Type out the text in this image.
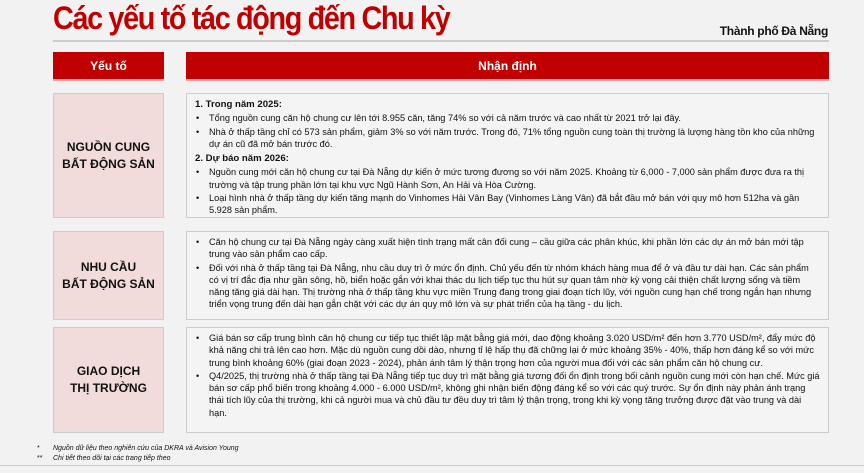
Các yếu tố tác động đến Chu kỳ	Thành phố Đà Nẵng
Yếu tố	Nhận định
NGUỒN CUNG
BẤT ĐỘNG SẢN
1. Trong năm 2025:
• Tổng nguồn cung căn hộ chung cư lên tới 8.955 căn, tăng 74% so với cả năm trước và cao nhất từ 2021 trở lại đây.
• Nhà ở thấp tầng chỉ có 573 sản phẩm, giảm 3% so với năm trước. Trong đó, 71% tổng nguồn cung toàn thị trường là lượng hàng tồn kho của những dự án cũ đã mở bán trước đó.
2. Dự báo năm 2026:
• Nguồn cung mới căn hộ chung cư tại Đà Nẵng dự kiến ở mức tương đương so với năm 2025. Khoảng từ 6,000 - 7,000 sản phẩm được đưa ra thị trường và tập trung phần lớn tại khu vực Ngũ Hành Sơn, An Hải và Hòa Cường.
• Loại hình nhà ở thấp tầng dự kiến tăng mạnh do Vinhomes Hải Vân Bay (Vinhomes Làng Vân) đã bắt đầu mở bán với quy mô hơn 512ha và gần 5.928 sản phẩm.
NHU CẦU
BẤT ĐỘNG SẢN
• Căn hộ chung cư tại Đà Nẵng ngày càng xuất hiện tình trạng mất cân đối cung – cầu giữa các phân khúc, khi phần lớn các dự án mở bán mới tập trung vào sản phẩm cao cấp.
• Đối với nhà ở thấp tầng tại Đà Nẵng, nhu cầu duy trì ở mức ổn định. Chủ yếu đến từ nhóm khách hàng mua để ở và đầu tư dài hạn. Các sản phẩm có vị trí đắc địa như gần sông, hồ, biển hoặc gắn với khai thác du lịch tiếp tục thu hút sự quan tâm nhờ kỳ vọng cải thiện chất lượng sống và tiềm năng tăng giá dài hạn. Thị trường nhà ở thấp tầng khu vực miền Trung đang trong giai đoạn tích lũy, với nguồn cung hạn chế trong ngắn hạn nhưng triển vọng trung đến dài hạn gắn chặt với các dự án quy mô lớn và sự phát triển của hạ tầng - du lịch.
GIAO DỊCH
THỊ TRƯỜNG
• Giá bán sơ cấp trung bình căn hộ chung cư tiếp tục thiết lập mặt bằng giá mới, dao động khoảng 3.020 USD/m² đến hơn 3.770 USD/m², đẩy mức độ khả năng chi trả lên cao hơn. Mặc dù nguồn cung dồi dào, nhưng tỉ lệ hấp thụ đã chững lại ở mức khoảng 35% - 40%, thấp hơn đáng kể so với mức trung bình khoảng 60% (giai đoạn 2023 - 2024), phản ánh tâm lý thận trọng hơn của người mua đối với các sản phẩm căn hộ chung cư.
• Q4/2025, thị trường nhà ở thấp tầng tại Đà Nẵng tiếp tục duy trì mặt bằng giá tương đối ổn định trong bối cảnh nguồn cung mới còn hạn chế. Mức giá bán sơ cấp phổ biến trong khoảng 4.000 - 6.000 USD/m², không ghi nhận biến động đáng kể so với các quý trước. Sự ổn định này phản ánh trạng thái tích lũy của thị trường, khi cả người mua và chủ đầu tư đều duy trì tâm lý thận trọng, trong khi kỳ vọng tăng trưởng được đặt vào trung và dài hạn.
* Nguồn dữ liệu theo nghiên cứu của DKRA và Avision Young
** Chi tiết theo dõi tại các trang tiếp theo
